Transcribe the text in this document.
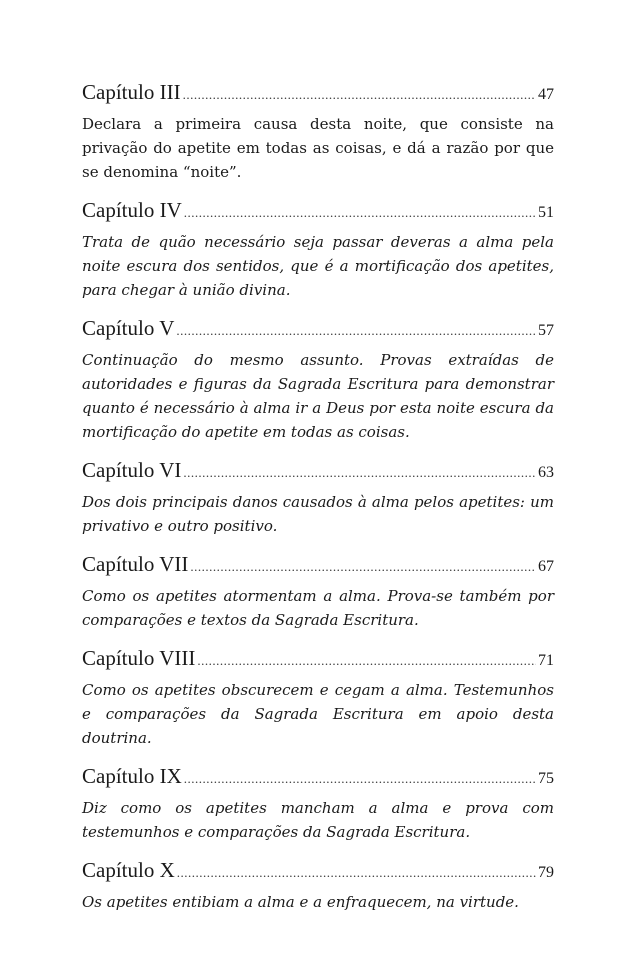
Capítulo III .....	47
Declara a primeira causa desta noite, que consiste na privação do apetite em todas as coisas, e dá a razão por que se denomina “noite”.
Capítulo IV .....	51
Trata de quão necessário seja passar deveras a alma pela noite escura dos sentidos, que é a mortificação dos apetites, para chegar à união divina.
Capítulo V .....	57
Continuação do mesmo assunto. Provas extraídas de autoridades e figuras da Sagrada Escritura para demonstrar quanto é necessário à alma ir a Deus por esta noite escura da mortificação do apetite em todas as coisas.
Capítulo VI .....	63
Dos dois principais danos causados à alma pelos apetites: um privativo e outro positivo.
Capítulo VII .....	67
Como os apetites atormentam a alma. Prova-se também por comparações e textos da Sagrada Escritura.
Capítulo VIII .....	71
Como os apetites obscurecem e cegam a alma. Testemunhos e comparações da Sagrada Escritura em apoio desta doutrina.
Capítulo IX .....	75
Diz como os apetites mancham a alma e prova com testemunhos e comparações da Sagrada Escritura.
Capítulo X .....	79
Os apetites entibiam a alma e a enfraquecem, na virtude.
